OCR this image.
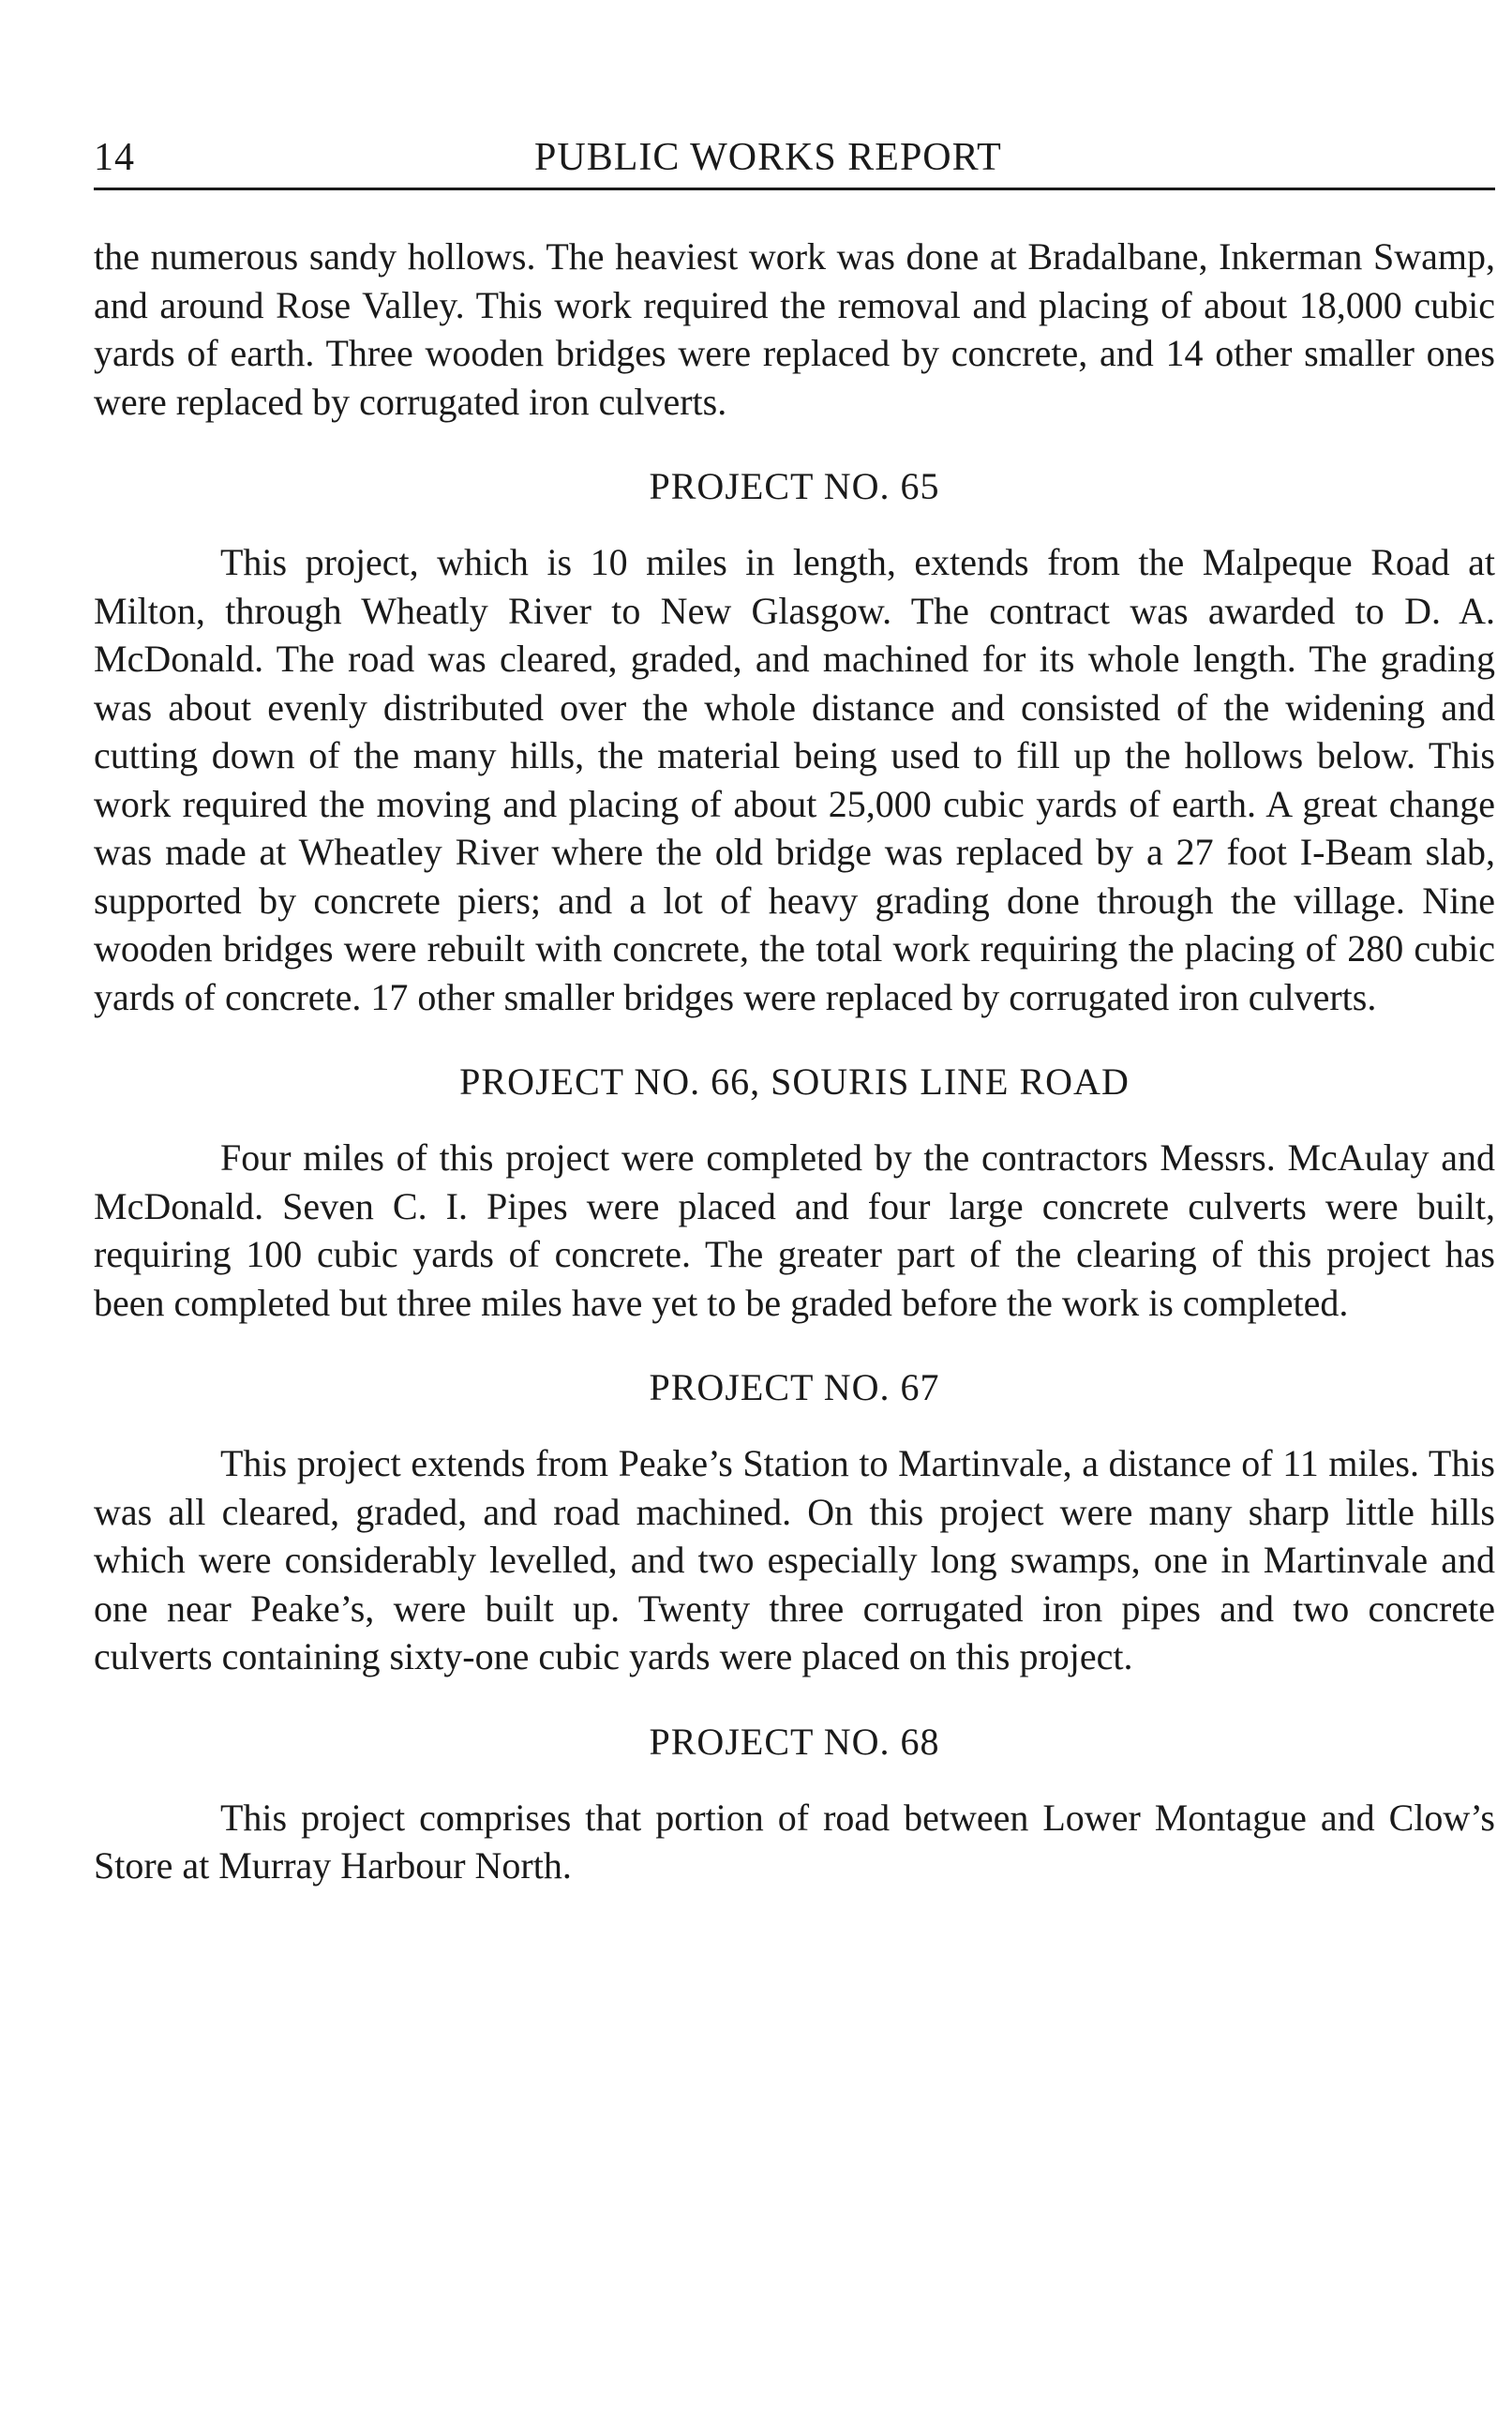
14	PUBLIC WORKS REPORT

the numerous sandy hollows. The heaviest work was done at Bradalbane, Inkerman Swamp, and around Rose Valley. This work required the removal and placing of about 18,000 cubic yards of earth. Three wooden bridges were replaced by concrete, and 14 other smaller ones were replaced by corrugated iron culverts.

PROJECT NO. 65

This project, which is 10 miles in length, extends from the Malpeque Road at Milton, through Wheatly River to New Glasgow. The contract was awarded to D. A. McDonald. The road was cleared, graded, and machined for its whole length. The grading was about evenly distributed over the whole distance and consisted of the widening and cutting down of the many hills, the material being used to fill up the hollows below. This work required the moving and placing of about 25,000 cubic yards of earth. A great change was made at Wheatley River where the old bridge was replaced by a 27 foot I-Beam slab, supported by concrete piers; and a lot of heavy grading done through the village. Nine wooden bridges were rebuilt with concrete, the total work requiring the placing of 280 cubic yards of concrete. 17 other smaller bridges were replaced by corrugated iron culverts.

PROJECT NO. 66, SOURIS LINE ROAD

Four miles of this project were completed by the contractors Messrs. McAulay and McDonald. Seven C. I. Pipes were placed and four large concrete culverts were built, requiring 100 cubic yards of concrete. The greater part of the clearing of this project has been completed but three miles have yet to be graded before the work is completed.

PROJECT NO. 67

This project extends from Peake’s Station to Martinvale, a distance of 11 miles. This was all cleared, graded, and road machined. On this project were many sharp little hills which were considerably levelled, and two especially long swamps, one in Martinvale and one near Peake’s, were built up. Twenty three corrugated iron pipes and two concrete culverts containing sixty-one cubic yards were placed on this project.

PROJECT NO. 68

This project comprises that portion of road between Lower Montague and Clow’s Store at Murray Harbour North.
